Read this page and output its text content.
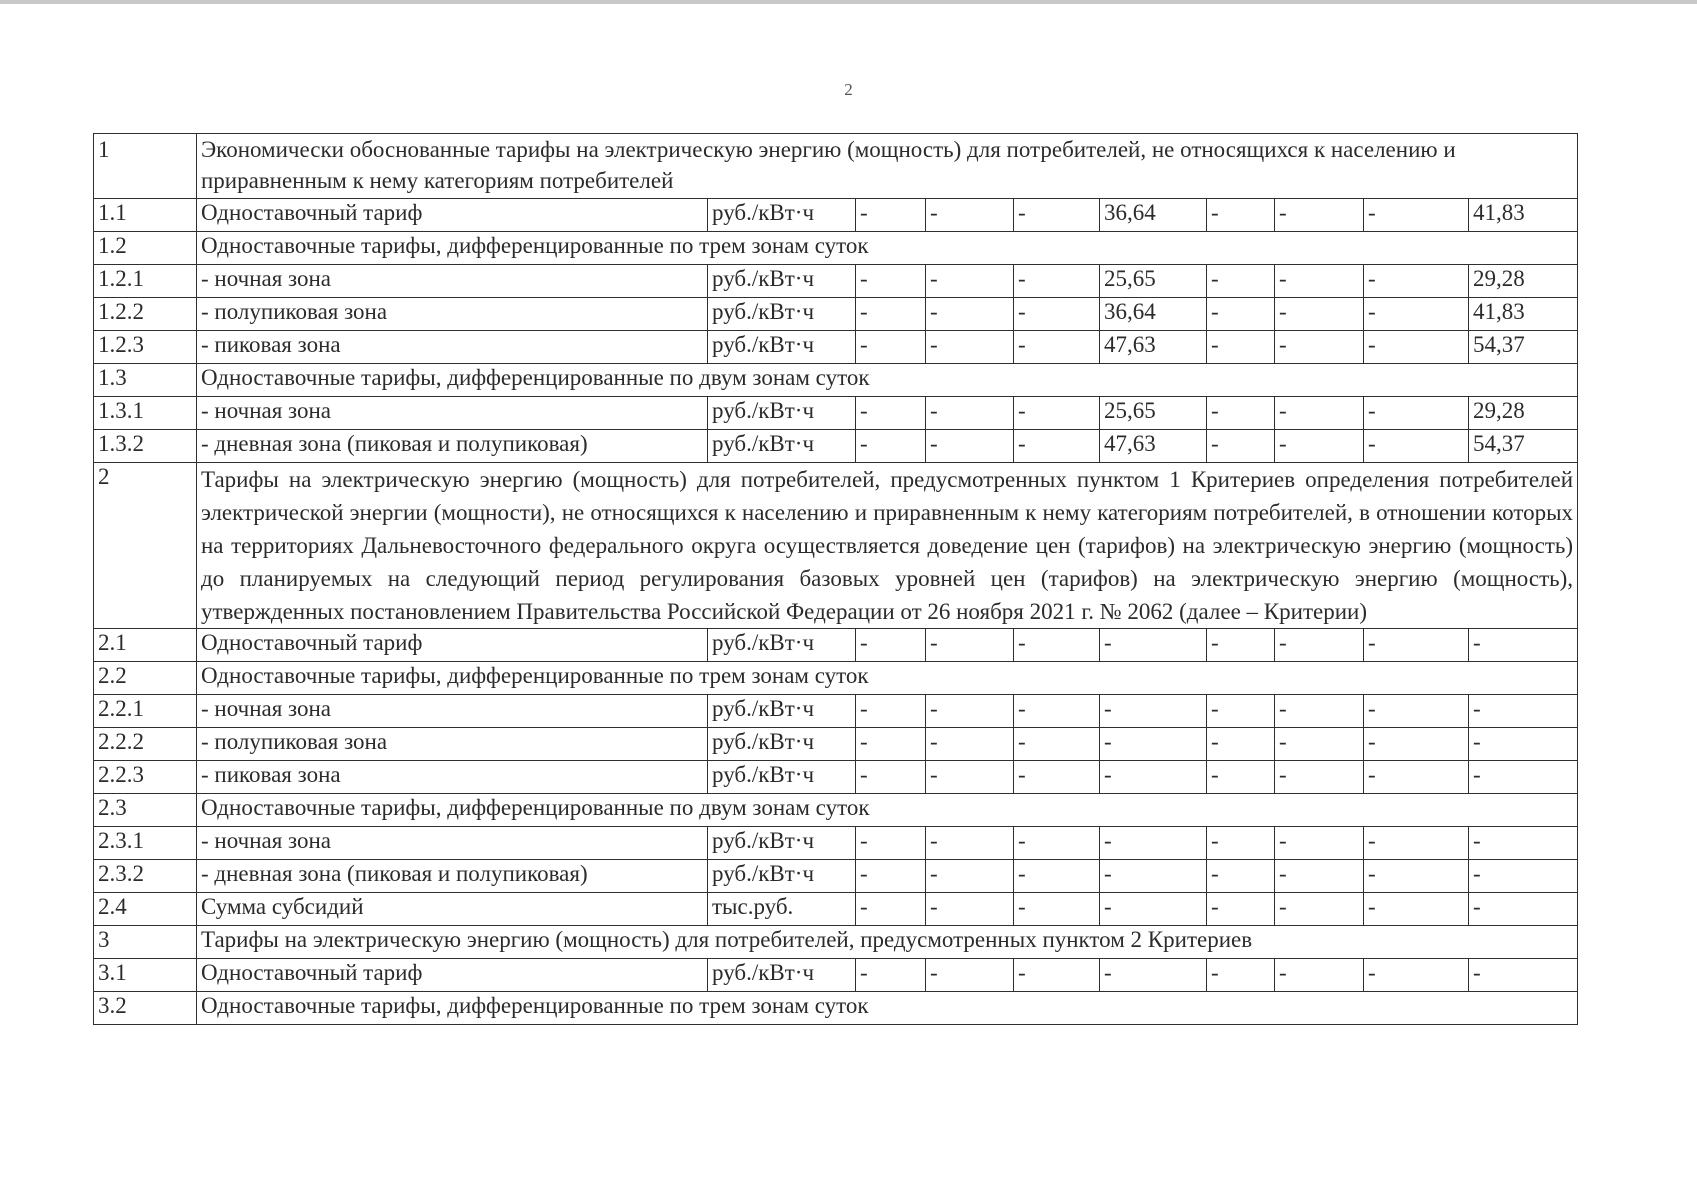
2
1	Экономически обоснованные тарифы на электрическую энергию (мощность) для потребителей, не относящихся к населению и приравненным к нему категориям потребителей									
1.1	Одноставочный тариф	руб./кВт·ч	-	-	-	36,64	-	-	-	41,83
1.2	Одноставочные тарифы, дифференцированные по трем зонам суток									
1.2.1	- ночная зона	руб./кВт·ч	-	-	-	25,65	-	-	-	29,28
1.2.2	- полупиковая зона	руб./кВт·ч	-	-	-	36,64	-	-	-	41,83
1.2.3	- пиковая зона	руб./кВт·ч	-	-	-	47,63	-	-	-	54,37
1.3	Одноставочные тарифы, дифференцированные по двум зонам суток									
1.3.1	- ночная зона	руб./кВт·ч	-	-	-	25,65	-	-	-	29,28
1.3.2	- дневная зона (пиковая и полупиковая)	руб./кВт·ч	-	-	-	47,63	-	-	-	54,37
2	Тарифы на электрическую энергию (мощность) для потребителей, предусмотренных пунктом 1 Критериев определения потребителей электрической энергии (мощности), не относящихся к населению и приравненным к нему категориям потребителей, в отношении которых на территориях Дальневосточного федерального округа осуществляется доведение цен (тарифов) на электрическую энергию (мощность) до планируемых на следующий период регулирования базовых уровней цен (тарифов) на электрическую энергию (мощность), утвержденных постановлением Правительства Российской Федерации от 26 ноября 2021 г. № 2062 (далее – Критерии)									
2.1	Одноставочный тариф	руб./кВт·ч	-	-	-	-	-	-	-	-
2.2	Одноставочные тарифы, дифференцированные по трем зонам суток									
2.2.1	- ночная зона	руб./кВт·ч	-	-	-	-	-	-	-	-
2.2.2	- полупиковая зона	руб./кВт·ч	-	-	-	-	-	-	-	-
2.2.3	- пиковая зона	руб./кВт·ч	-	-	-	-	-	-	-	-
2.3	Одноставочные тарифы, дифференцированные по двум зонам суток									
2.3.1	- ночная зона	руб./кВт·ч	-	-	-	-	-	-	-	-
2.3.2	- дневная зона (пиковая и полупиковая)	руб./кВт·ч	-	-	-	-	-	-	-	-
2.4	Сумма субсидий	тыс.руб.	-	-	-	-	-	-	-	-
3	Тарифы на электрическую энергию (мощность) для потребителей, предусмотренных пунктом 2 Критериев									
3.1	Одноставочный тариф	руб./кВт·ч	-	-	-	-	-	-	-	-
3.2	Одноставочные тарифы, дифференцированные по трем зонам суток									
